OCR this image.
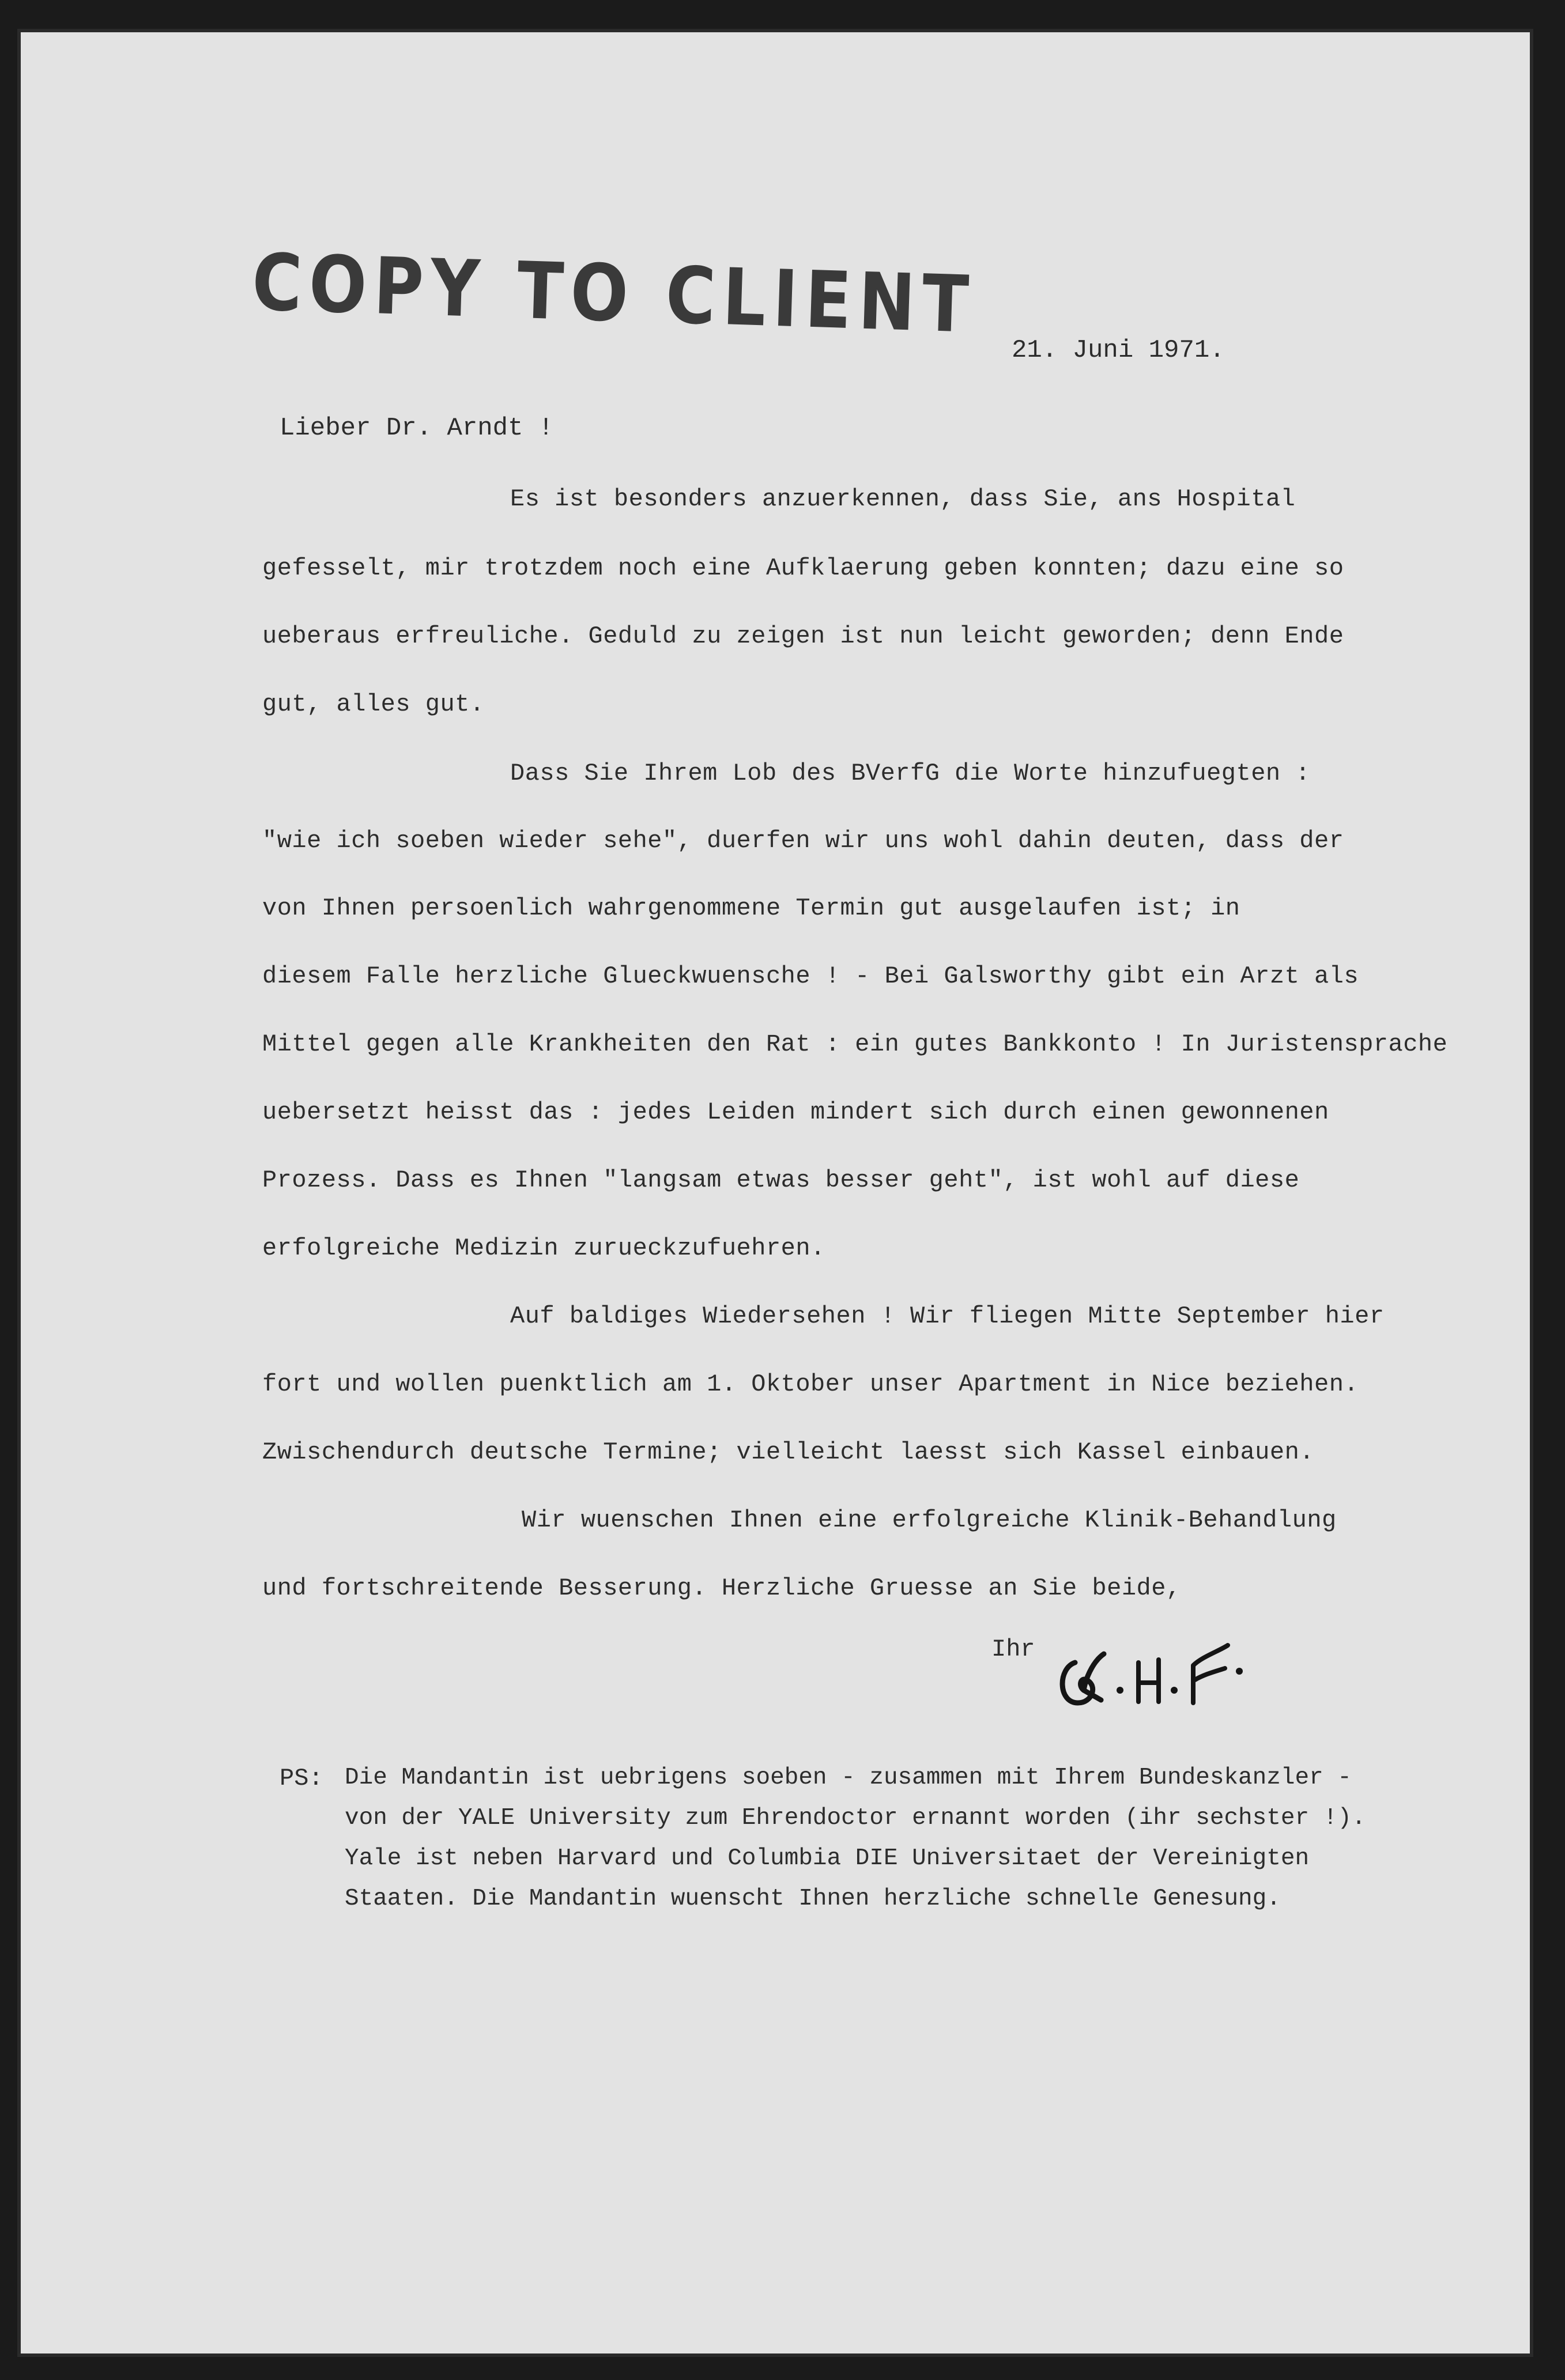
COPY TO CLIENT 21. Juni 1971.
Lieber Dr. Arndt !
Es ist besonders anzuerkennen, dass Sie, ans Hospital
gefesselt, mir trotzdem noch eine Aufklaerung geben konnten; dazu eine so
ueberaus erfreuliche. Geduld zu zeigen ist nun leicht geworden; denn Ende
gut, alles gut.
Dass Sie Ihrem Lob des BVerfG die Worte hinzufuegten :
"wie ich soeben wieder sehe", duerfen wir uns wohl dahin deuten, dass der
von Ihnen persoenlich wahrgenommene Termin gut ausgelaufen ist; in
diesem Falle herzliche Glueckwuensche ! - Bei Galsworthy gibt ein Arzt als
Mittel gegen alle Krankheiten den Rat : ein gutes Bankkonto ! In Juristensprache
uebersetzt heisst das : jedes Leiden mindert sich durch einen gewonnenen
Prozess. Dass es Ihnen "langsam etwas besser geht", ist wohl auf diese
erfolgreiche Medizin zurueckzufuehren.
Auf baldiges Wiedersehen ! Wir fliegen Mitte September hier
fort und wollen puenktlich am 1. Oktober unser Apartment in Nice beziehen.
Zwischendurch deutsche Termine; vielleicht laesst sich Kassel einbauen.
Wir wuenschen Ihnen eine erfolgreiche Klinik-Behandlung
und fortschreitende Besserung. Herzliche Gruesse an Sie beide,
Ihr
PS: Die Mandantin ist uebrigens soeben - zusammen mit Ihrem Bundeskanzler -
von der YALE University zum Ehrendoctor ernannt worden (ihr sechster !).
Yale ist neben Harvard und Columbia DIE Universitaet der Vereinigten
Staaten. Die Mandantin wuenscht Ihnen herzliche schnelle Genesung.
